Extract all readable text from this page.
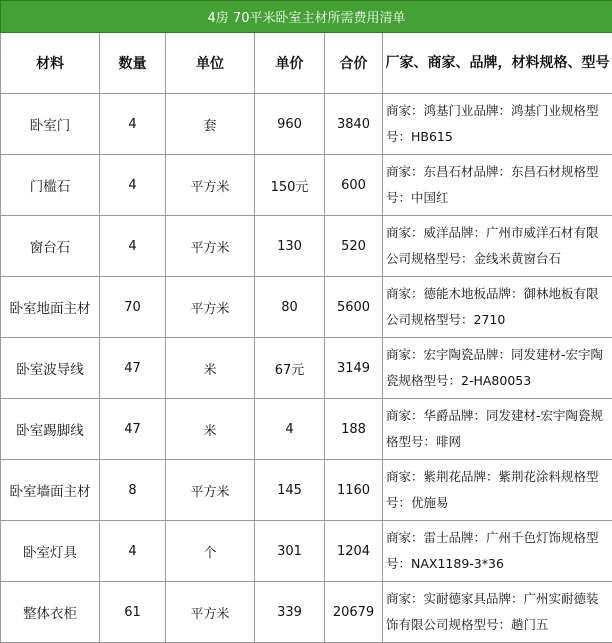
4房 70平米卧室主材所需费用清单					
材料	数量	单位	单价	合价	厂家、商家、品牌，材料规格、型号
卧室门	4	套	960	3840	商家：鸿基门业品牌：鸿基门业规格型号：HB615
门槛石	4	平方米	150元	600	商家：东昌石材品牌：东昌石材规格型号：中国红
窗台石	4	平方米	130	520	商家：威洋品牌：广州市威洋石材有限公司规格型号：金线米黄窗台石
卧室地面主材	70	平方米	80	5600	商家：德能木地板品牌：御林地板有限公司规格型号：2710
卧室波导线	47	米	67元	3149	商家：宏宇陶瓷品牌：同发建材-宏宇陶瓷规格型号：2-HA80053
卧室踢脚线	47	米	4	188	商家：华爵品牌：同发建材-宏宇陶瓷规格型号：啡网
卧室墙面主材	8	平方米	145	1160	商家：紫荆花品牌：紫荆花涂料规格型号：优施易
卧室灯具	4	个	301	1204	商家：雷士品牌：广州千色灯饰规格型号：NAX1189-3*36
整体衣柜	61	平方米	339	20679	商家：实耐德家具品牌：广州实耐德装饰有限公司规格型号：趟门五
